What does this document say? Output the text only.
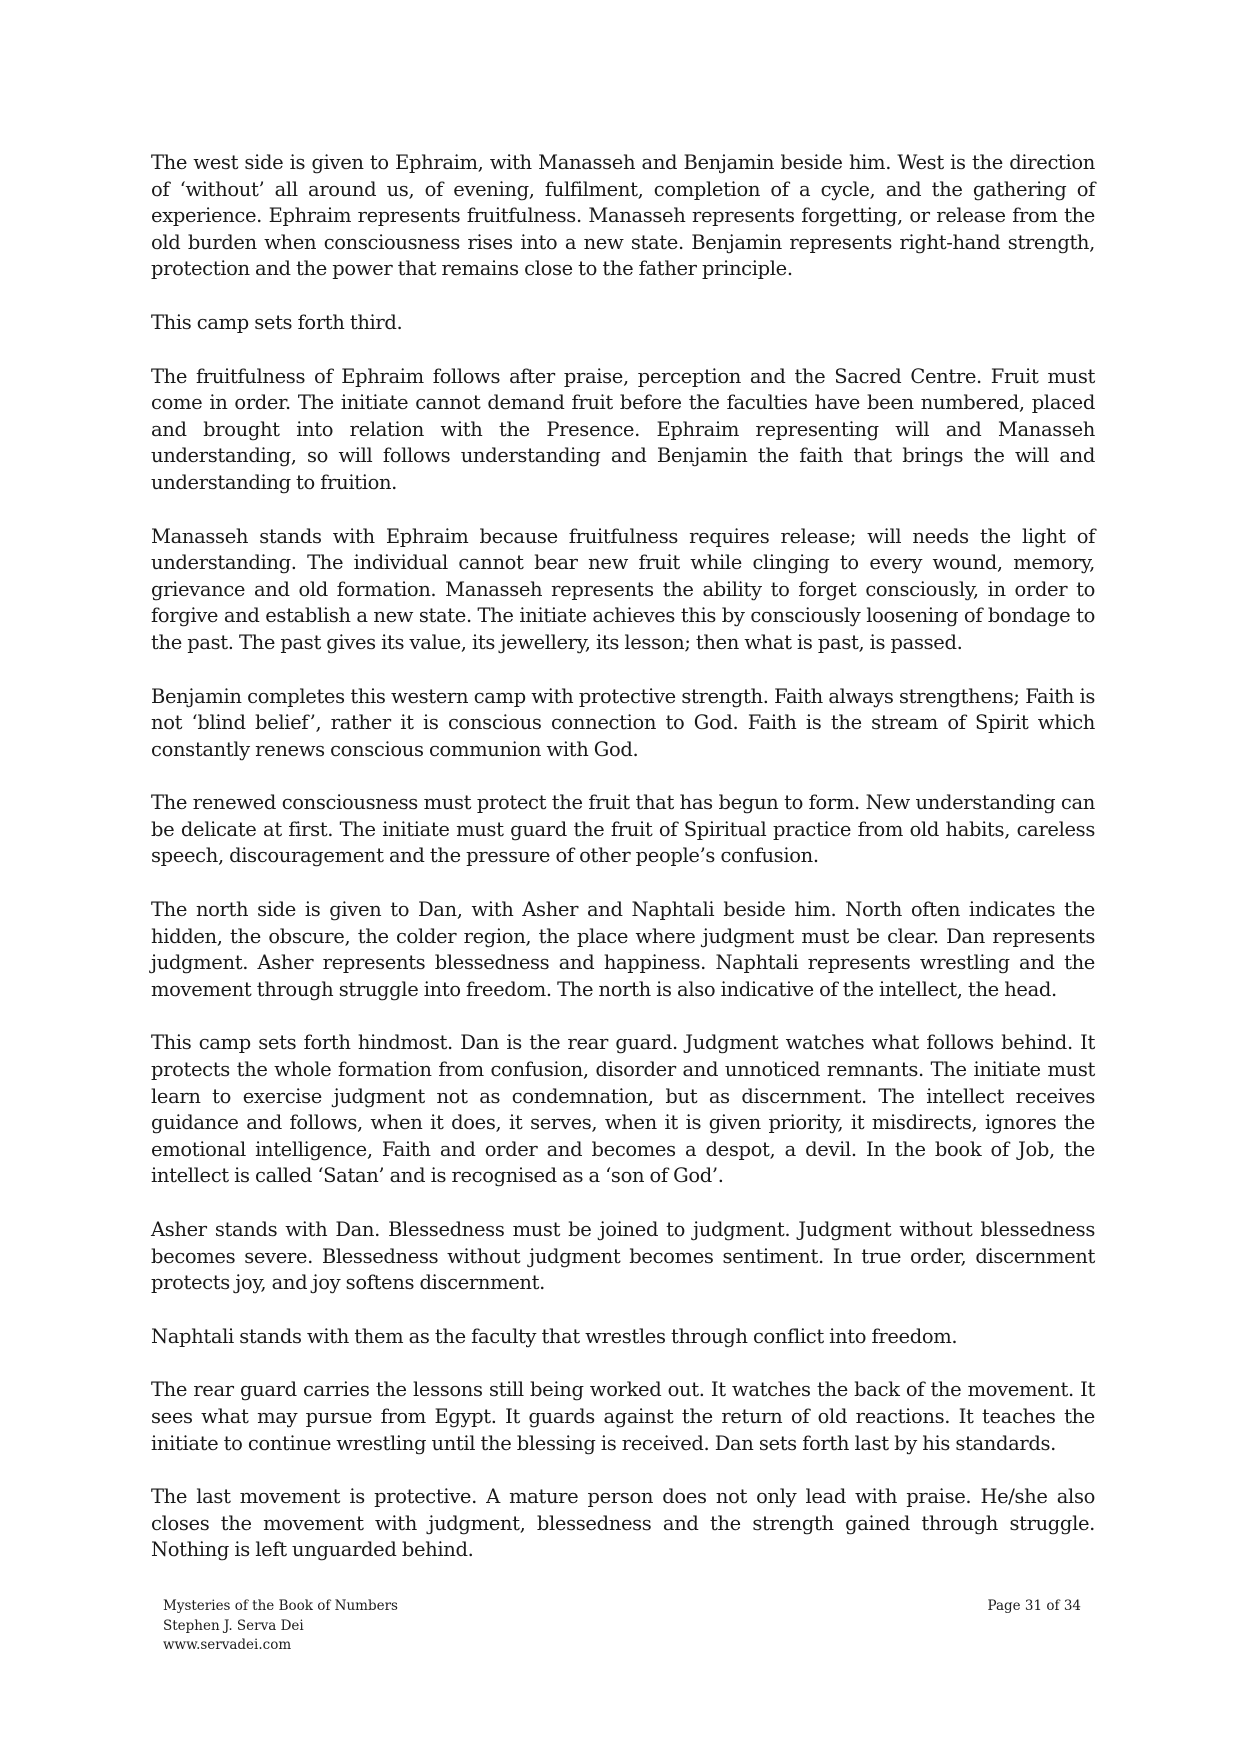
The west side is given to Ephraim, with Manasseh and Benjamin beside him. West is the direction of ‘without’ all around us, of evening, fulfilment, completion of a cycle, and the gathering of experience. Ephraim represents fruitfulness. Manasseh represents forgetting, or release from the old burden when consciousness rises into a new state. Benjamin represents right-hand strength, protection and the power that remains close to the father principle.

This camp sets forth third.

The fruitfulness of Ephraim follows after praise, perception and the Sacred Centre. Fruit must come in order. The initiate cannot demand fruit before the faculties have been numbered, placed and brought into relation with the Presence. Ephraim representing will and Manasseh understanding, so will follows understanding and Benjamin the faith that brings the will and understanding to fruition.

Manasseh stands with Ephraim because fruitfulness requires release; will needs the light of understanding. The individual cannot bear new fruit while clinging to every wound, memory, grievance and old formation. Manasseh represents the ability to forget consciously, in order to forgive and establish a new state. The initiate achieves this by consciously loosening of bondage to the past. The past gives its value, its jewellery, its lesson; then what is past, is passed.

Benjamin completes this western camp with protective strength. Faith always strengthens; Faith is not ‘blind belief’, rather it is conscious connection to God. Faith is the stream of Spirit which constantly renews conscious communion with God.

The renewed consciousness must protect the fruit that has begun to form. New understanding can be delicate at first. The initiate must guard the fruit of Spiritual practice from old habits, careless speech, discouragement and the pressure of other people’s confusion.

The north side is given to Dan, with Asher and Naphtali beside him. North often indicates the hidden, the obscure, the colder region, the place where judgment must be clear. Dan represents judgment. Asher represents blessedness and happiness. Naphtali represents wrestling and the movement through struggle into freedom. The north is also indicative of the intellect, the head.

This camp sets forth hindmost. Dan is the rear guard. Judgment watches what follows behind. It protects the whole formation from confusion, disorder and unnoticed remnants. The initiate must learn to exercise judgment not as condemnation, but as discernment. The intellect receives guidance and follows, when it does, it serves, when it is given priority, it misdirects, ignores the emotional intelligence, Faith and order and becomes a despot, a devil. In the book of Job, the intellect is called ‘Satan’ and is recognised as a ‘son of God’.

Asher stands with Dan. Blessedness must be joined to judgment. Judgment without blessedness becomes severe. Blessedness without judgment becomes sentiment. In true order, discernment protects joy, and joy softens discernment.

Naphtali stands with them as the faculty that wrestles through conflict into freedom.

The rear guard carries the lessons still being worked out. It watches the back of the movement. It sees what may pursue from Egypt. It guards against the return of old reactions. It teaches the initiate to continue wrestling until the blessing is received. Dan sets forth last by his standards.

The last movement is protective. A mature person does not only lead with praise. He/she also closes the movement with judgment, blessedness and the strength gained through struggle. Nothing is left unguarded behind.

Mysteries of the Book of Numbers
Stephen J. Serva Dei
www.servadei.com
Page 31 of 34
